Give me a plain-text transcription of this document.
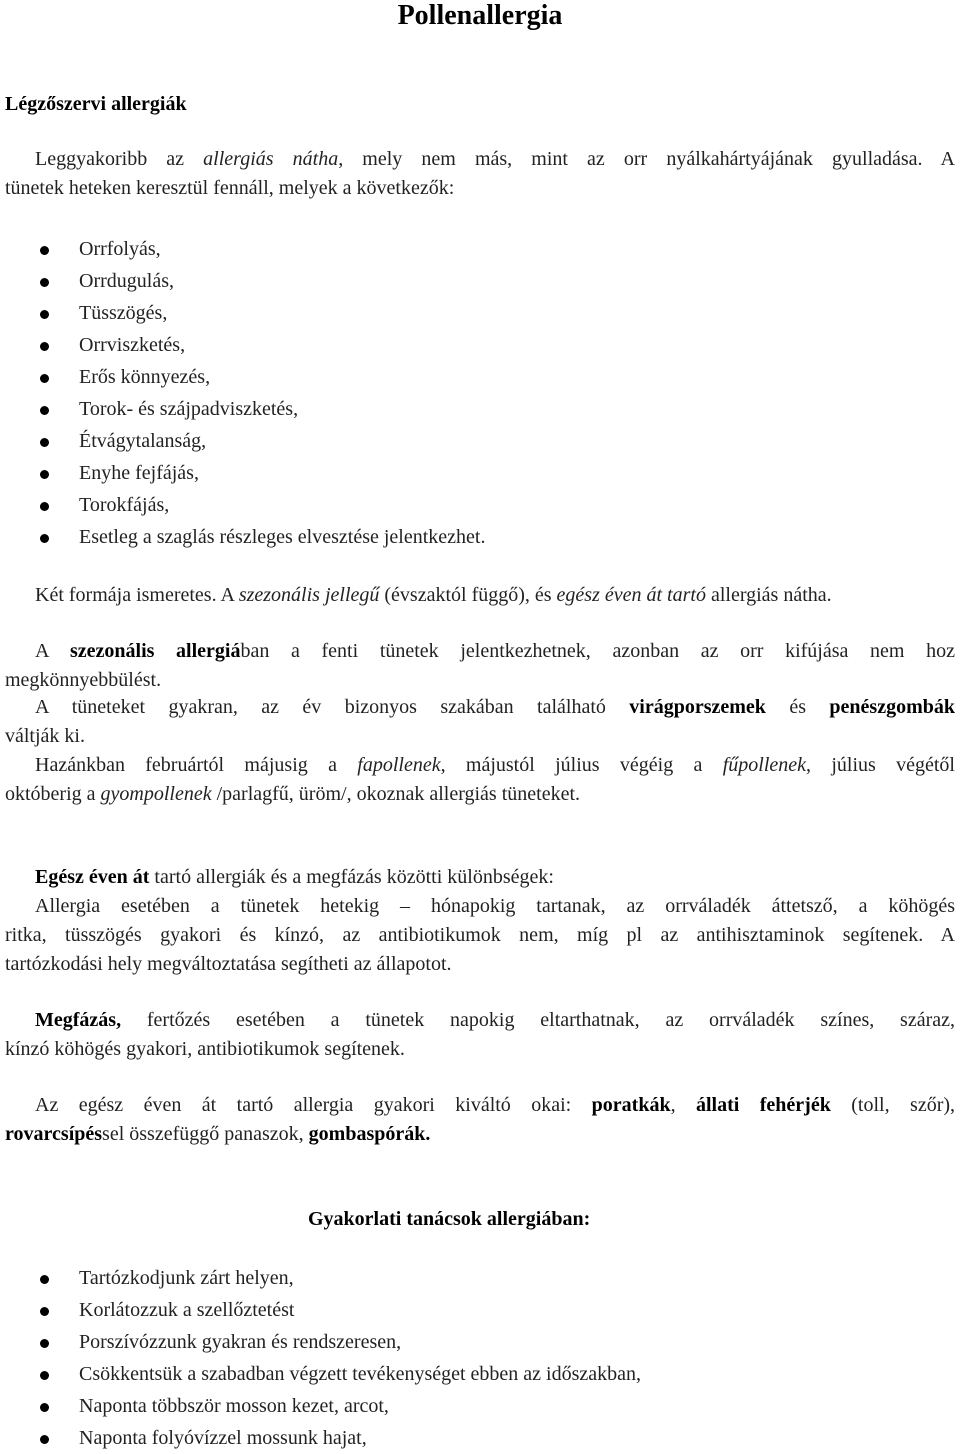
Pollenallergia
Légzőszervi allergiák
Leggyakoribb az allergiás nátha, mely nem más, mint az orr nyálkahártyájának gyulladása. A
tünetek heteken keresztül fennáll, melyek a következők:
Orrfolyás,
Orrdugulás,
Tüsszögés,
Orrviszketés,
Erős könnyezés,
Torok- és szájpadviszketés,
Étvágytalanság,
Enyhe fejfájás,
Torokfájás,
Esetleg a szaglás részleges elvesztése jelentkezhet.
Két formája ismeretes. A szezonális jellegű (évszaktól függő), és egész éven át tartó allergiás nátha.
A szezonális allergiában a fenti tünetek jelentkezhetnek, azonban az orr kifújása nem hoz
megkönnyebbülést.
A tüneteket gyakran, az év bizonyos szakában található virágporszemek és penészgombák
váltják ki.
Hazánkban februártól májusig a fapollenek, májustól július végéig a fűpollenek, július végétől
októberig a gyompollenek /parlagfű, üröm/, okoznak allergiás tüneteket.
Egész éven át tartó allergiák és a megfázás közötti különbségek:
Allergia esetében a tünetek hetekig – hónapokig tartanak, az orrváladék áttetsző, a köhögés
ritka, tüsszögés gyakori és kínzó, az antibiotikumok nem, míg pl az antihisztaminok segítenek. A
tartózkodási hely megváltoztatása segítheti az állapotot.
Megfázás, fertőzés esetében a tünetek napokig eltarthatnak, az orrváladék színes, száraz,
kínzó köhögés gyakori, antibiotikumok segítenek.
Az egész éven át tartó allergia gyakori kiváltó okai: poratkák, állati fehérjék (toll, szőr),
rovarcsípéssel összefüggő panaszok, gombaspórák.
Gyakorlati tanácsok allergiában:
Tartózkodjunk zárt helyen,
Korlátozzuk a szellőztetést
Porszívózzunk gyakran és rendszeresen,
Csökkentsük a szabadban végzett tevékenységet ebben az időszakban,
Naponta többször mosson kezet, arcot,
Naponta folyóvízzel mossunk hajat,
